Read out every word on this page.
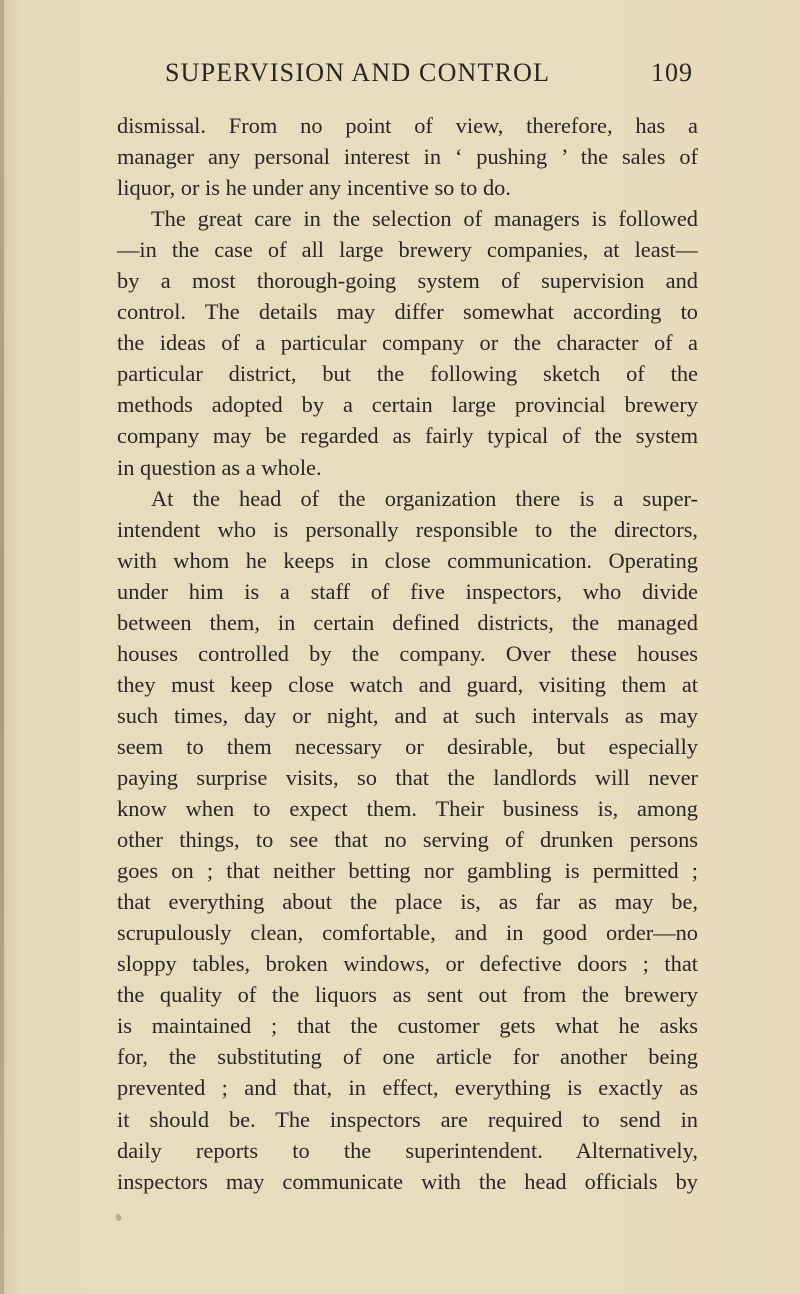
SUPERVISION AND CONTROL	109
dismissal. From no point of view, therefore, has a
manager any personal interest in ‘ pushing ’ the sales of
liquor, or is he under any incentive so to do.
The great care in the selection of managers is followed
—in the case of all large brewery companies, at least—
by a most thorough-going system of supervision and
control. The details may differ somewhat according to
the ideas of a particular company or the character of a
particular district, but the following sketch of the
methods adopted by a certain large provincial brewery
company may be regarded as fairly typical of the system
in question as a whole.
At the head of the organization there is a super-
intendent who is personally responsible to the directors,
with whom he keeps in close communication. Operating
under him is a staff of five inspectors, who divide
between them, in certain defined districts, the managed
houses controlled by the company. Over these houses
they must keep close watch and guard, visiting them at
such times, day or night, and at such intervals as may
seem to them necessary or desirable, but especially
paying surprise visits, so that the landlords will never
know when to expect them. Their business is, among
other things, to see that no serving of drunken persons
goes on ; that neither betting nor gambling is permitted ;
that everything about the place is, as far as may be,
scrupulously clean, comfortable, and in good order—no
sloppy tables, broken windows, or defective doors ; that
the quality of the liquors as sent out from the brewery
is maintained ; that the customer gets what he asks
for, the substituting of one article for another being
prevented ; and that, in effect, everything is exactly as
it should be. The inspectors are required to send in
daily reports to the superintendent. Alternatively,
inspectors may communicate with the head officials by
